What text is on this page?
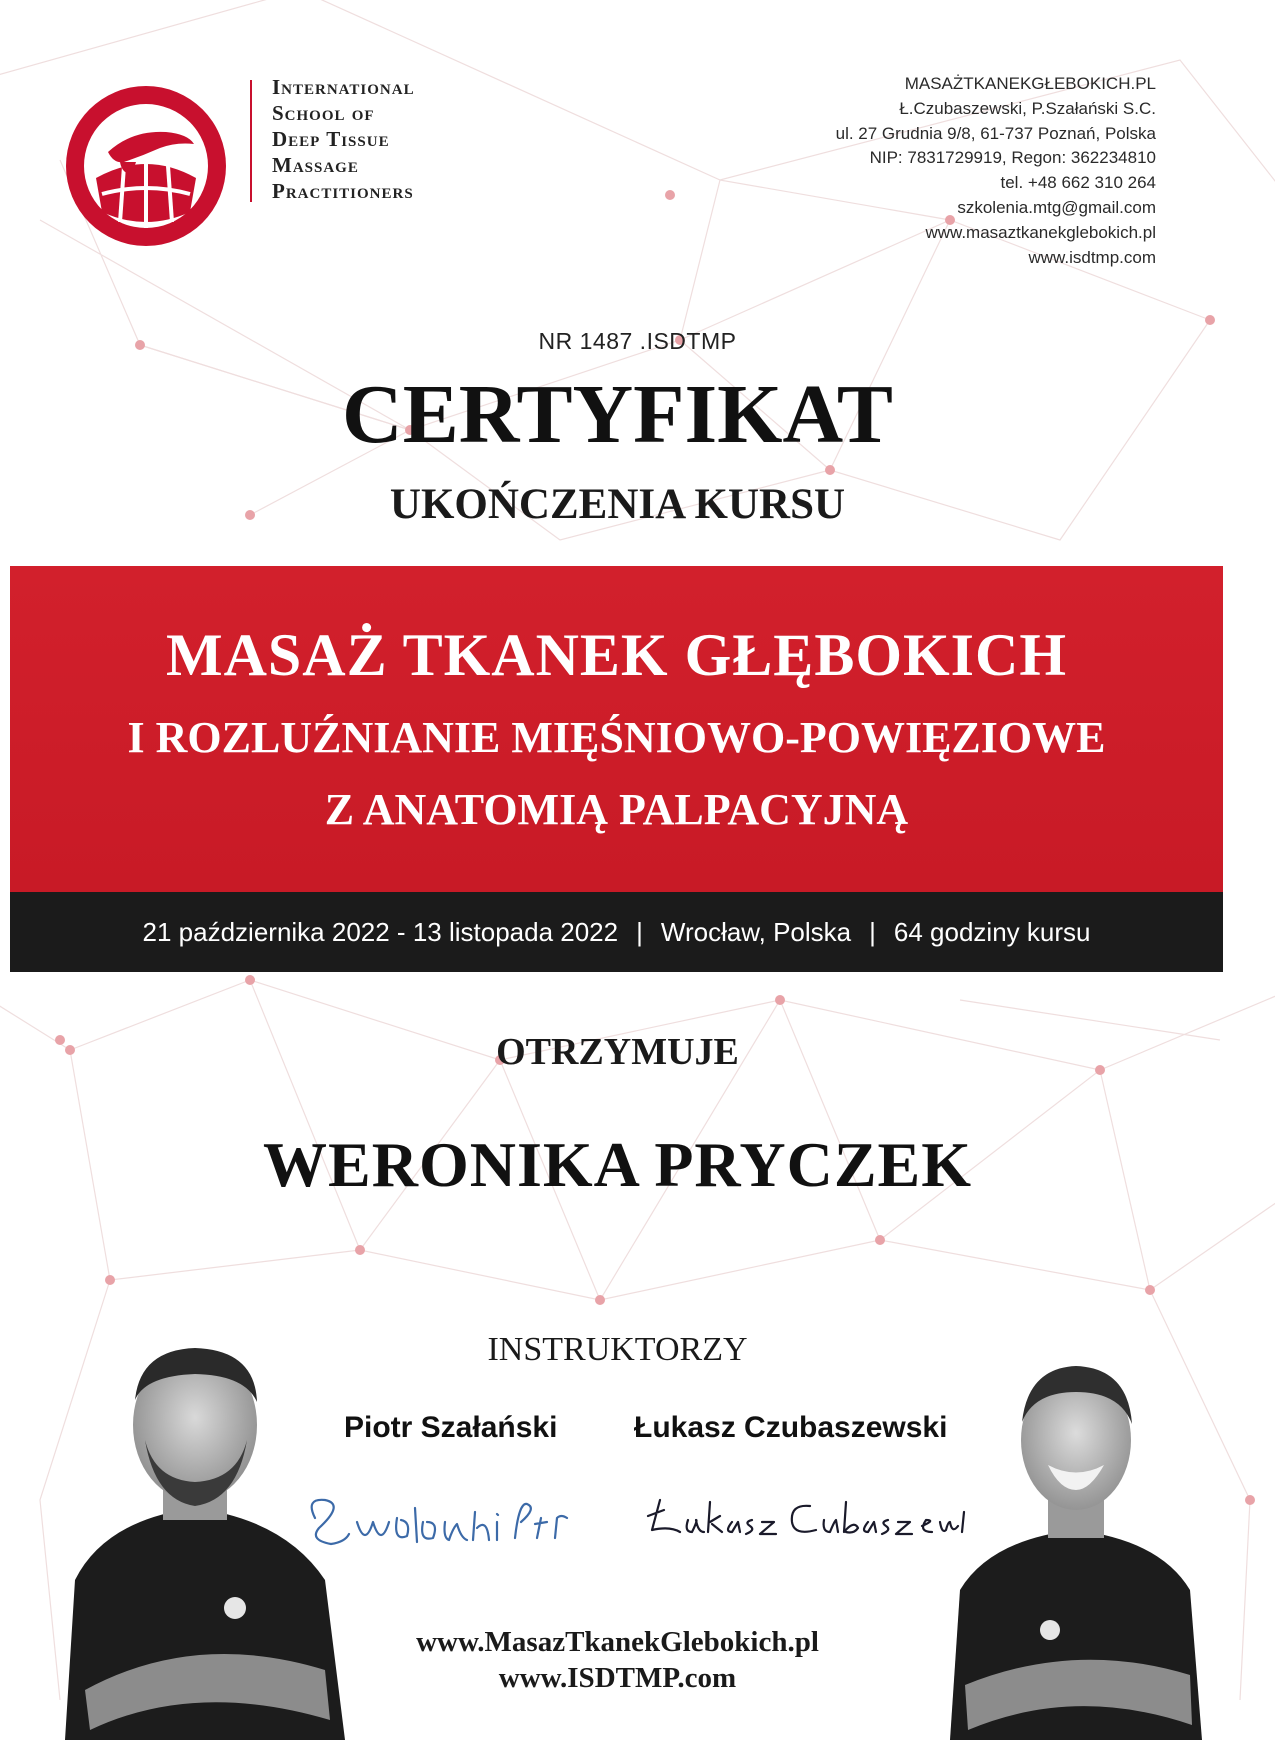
International
School of
Deep Tissue
Massage
Practitioners
MASAŻTKANEKGŁEBOKICH.PL
Ł.Czubaszewski, P.Szałański S.C.
ul. 27 Grudnia 9/8, 61-737 Poznań, Polska
NIP: 7831729919, Regon: 362234810
tel. +48 662 310 264
szkolenia.mtg@gmail.com
www.masaztkanekglebokich.pl
www.isdtmp.com
NR 1487 .ISDTMP
CERTYFIKAT
UKOŃCZENIA KURSU
MASAŻ TKANEK GŁĘBOKICH
I ROZLUŹNIANIE MIĘŚNIOWO-POWIĘZIOWE
Z ANATOMIĄ PALPACYJNĄ
21 października 2022 - 13 listopada 2022 | Wrocław, Polska | 64 godziny kursu
OTRZYMUJE
WERONIKA PRYCZEK
INSTRUKTORZY
Piotr Szałański	Łukasz Czubaszewski
www.MasazTkanekGlebokich.pl
www.ISDTMP.com
